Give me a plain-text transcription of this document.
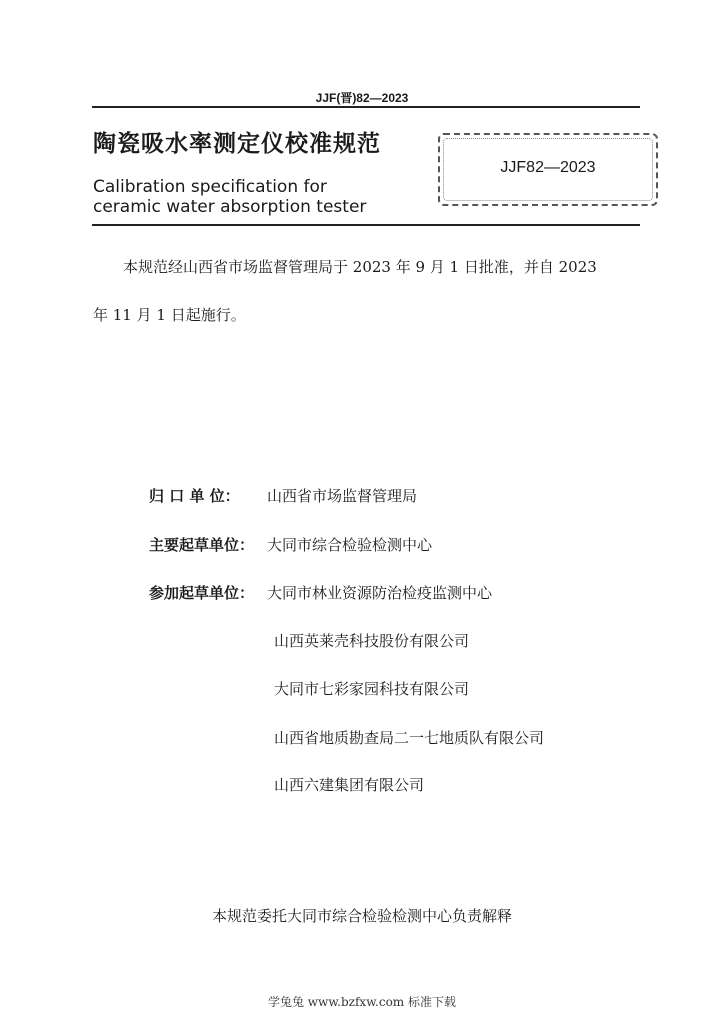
JJF(晋)82—2023
陶瓷吸水率测定仪校准规范
Calibration specification for
ceramic water absorption tester
JJF82—2023
本规范经山西省市场监督管理局于 2023 年 9 月 1 日批准，并自 2023
年 11 月 1 日起施行。
归 口 单 位：	山西省市场监督管理局
主要起草单位： 大同市综合检验检测中心
参加起草单位： 大同市林业资源防治检疫监测中心
山西英莱壳科技股份有限公司
大同市七彩家园科技有限公司
山西省地质勘查局二一七地质队有限公司
山西六建集团有限公司
本规范委托大同市综合检验检测中心负责解释
学兔兔 www.bzfxw.com 标准下载
